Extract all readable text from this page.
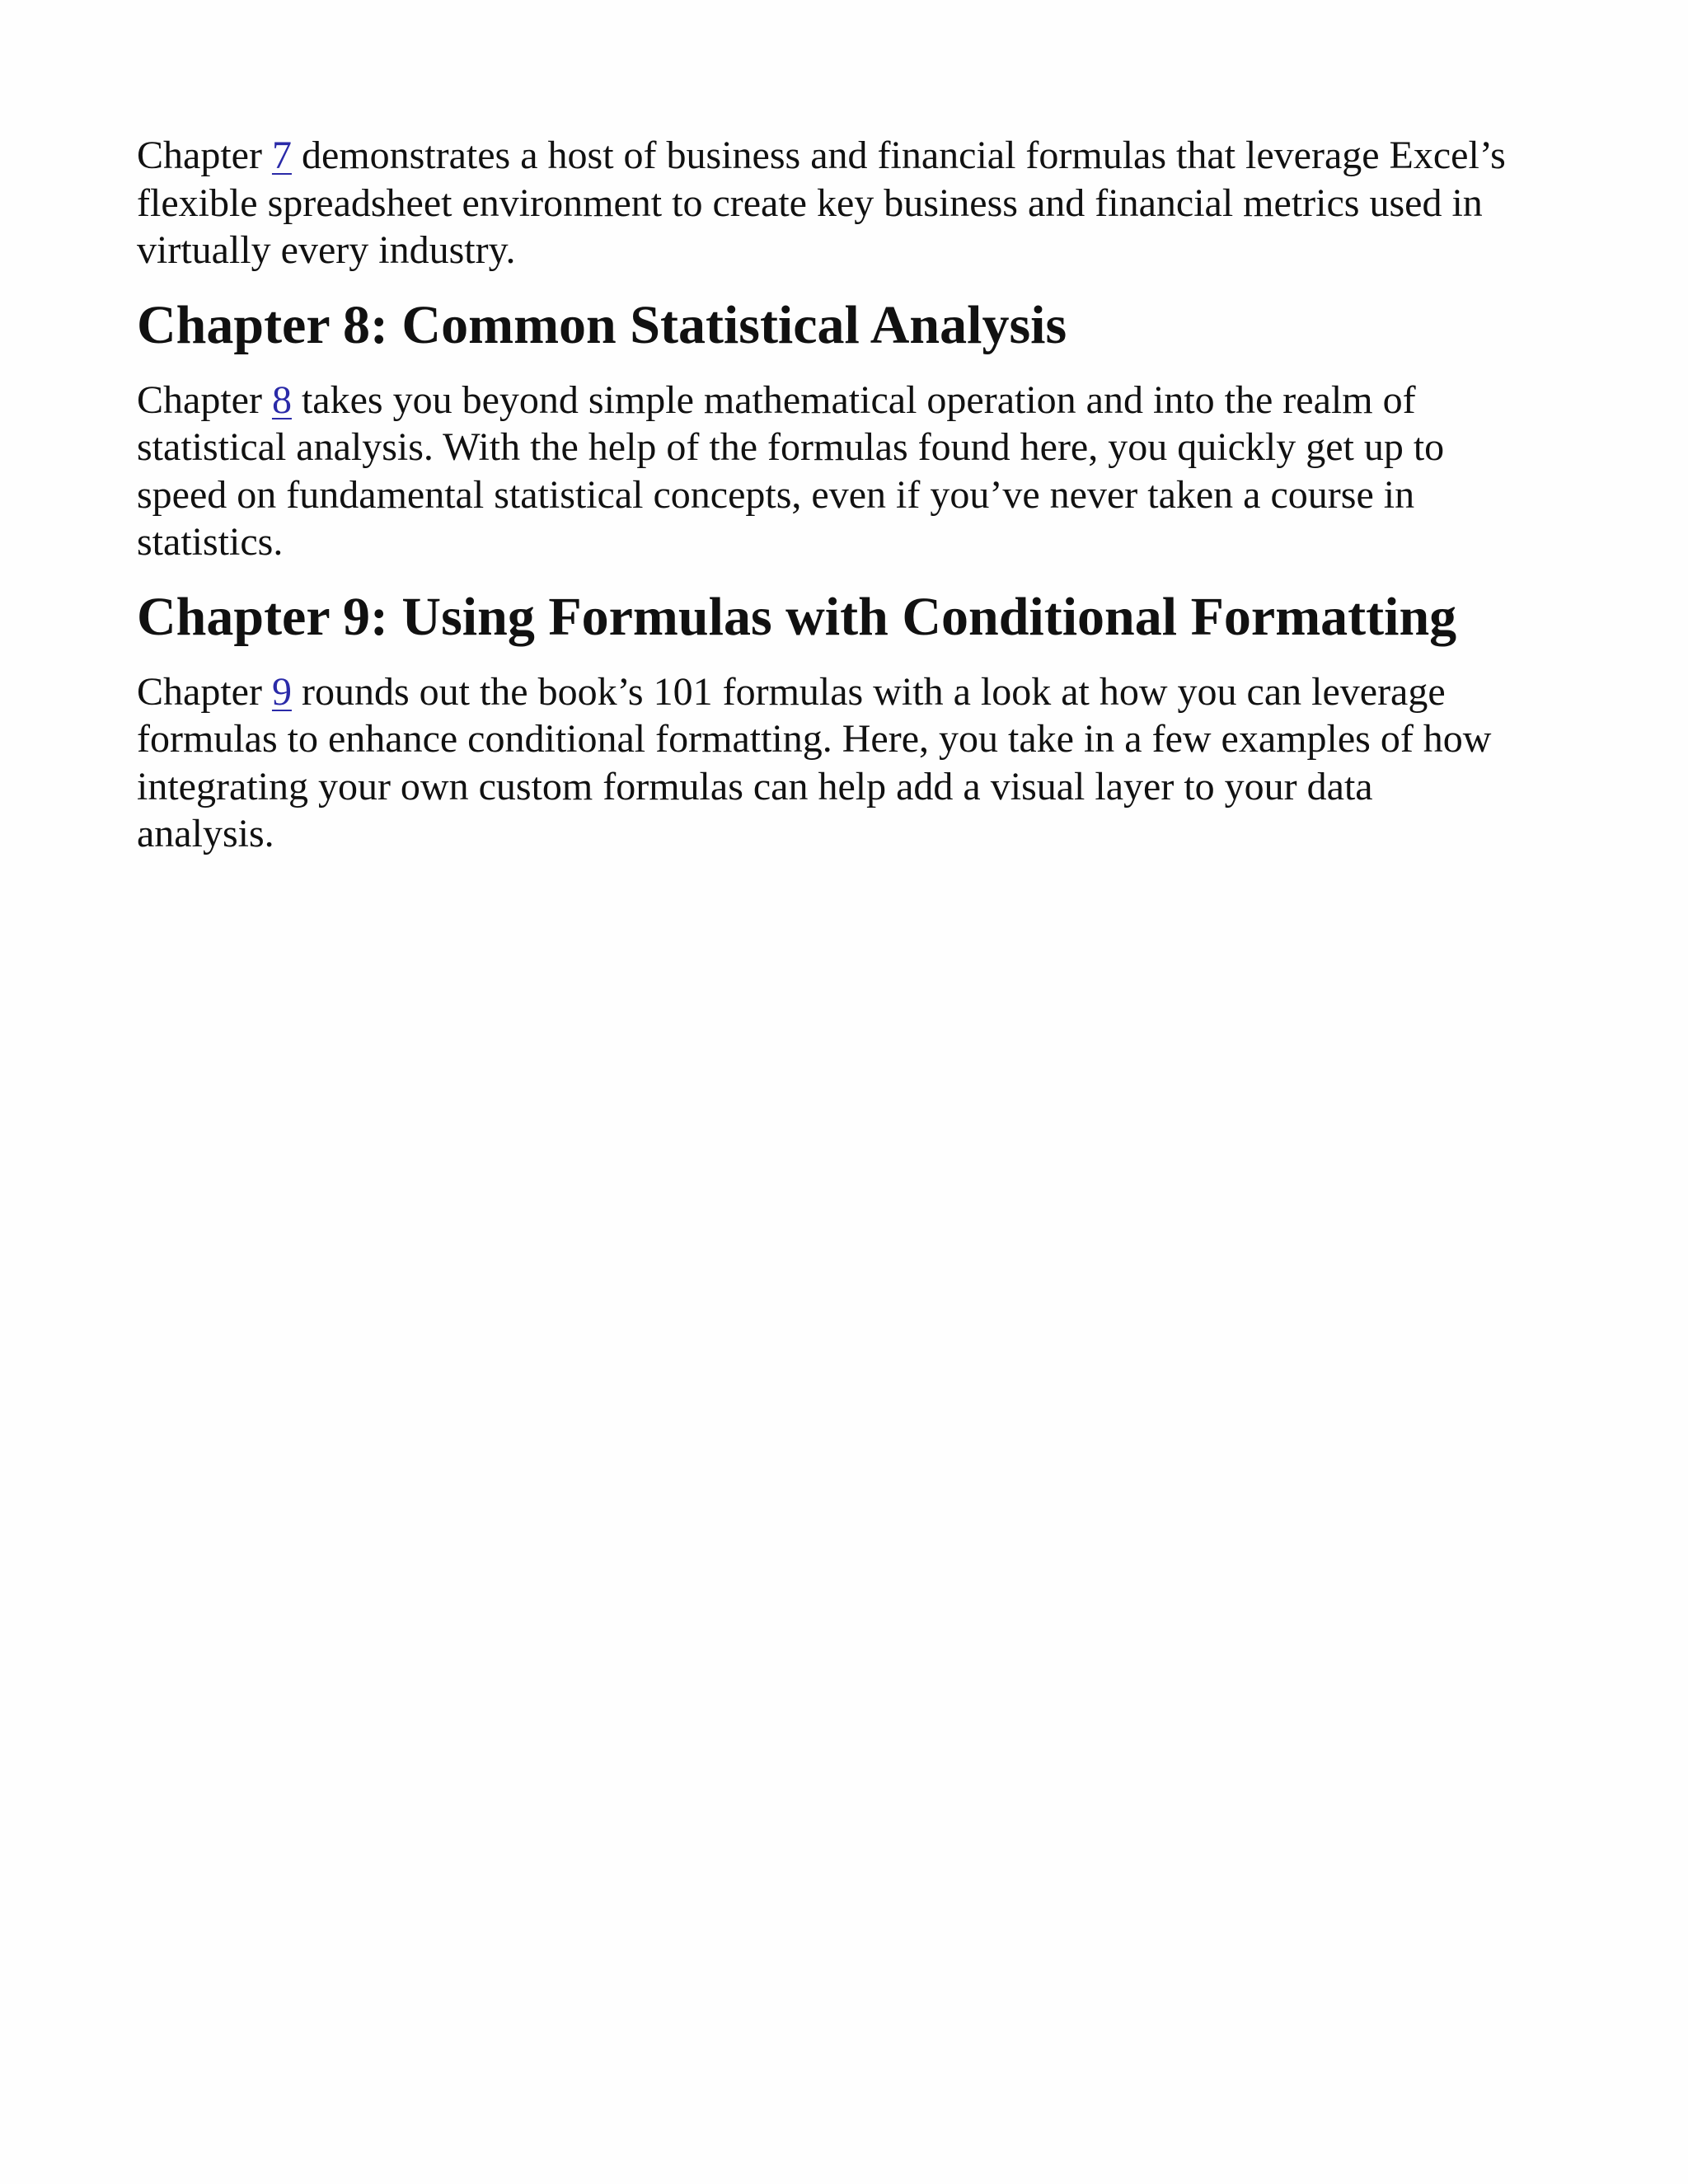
Chapter 7 demonstrates a host of business and financial formulas that leverage Excel’s
flexible spreadsheet environment to create key business and financial metrics used in
virtually every industry.

Chapter 8: Common Statistical Analysis

Chapter 8 takes you beyond simple mathematical operation and into the realm of
statistical analysis. With the help of the formulas found here, you quickly get up to
speed on fundamental statistical concepts, even if you’ve never taken a course in
statistics.

Chapter 9: Using Formulas with Conditional Formatting

Chapter 9 rounds out the book’s 101 formulas with a look at how you can leverage
formulas to enhance conditional formatting. Here, you take in a few examples of how
integrating your own custom formulas can help add a visual layer to your data
analysis.
